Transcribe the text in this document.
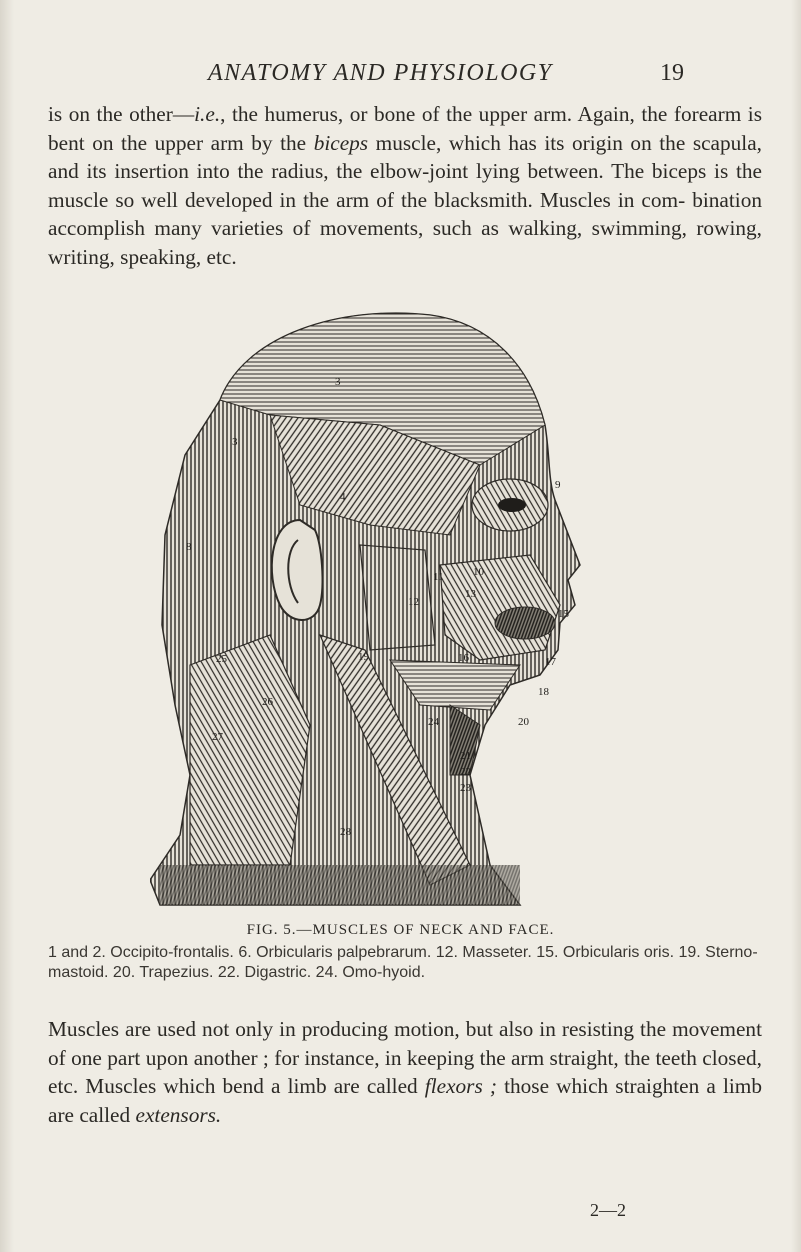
ANATOMY AND PHYSIOLOGY	19
is on the other—i.e., the humerus, or bone of the upper arm. Again, the forearm is bent on the upper arm by the biceps muscle, which has its origin on the scapula, and its insertion into the radius, the elbow-joint lying between. The biceps is the muscle so well developed in the arm of the blacksmith. Muscles in com- bination accomplish many varieties of movements, such as walking, swimming, rowing, writing, speaking, etc.
3
3
4
8
9
10
11
12
13
15
16	17
18
19
20
21
22
23
24
25
26
27
28
FIG. 5.—MUSCLES OF NECK AND FACE.
1 and 2. Occipito-frontalis. 6. Orbicularis palpebrarum. 12. Masseter. 15. Orbicularis oris. 19. Sterno-mastoid. 20. Trapezius. 22. Digastric. 24. Omo-hyoid.
Muscles are used not only in producing motion, but also in resisting the movement of one part upon another ; for instance, in keeping the arm straight, the teeth closed, etc. Muscles which bend a limb are called flexors ; those which straighten a limb are called extensors.
2—2
